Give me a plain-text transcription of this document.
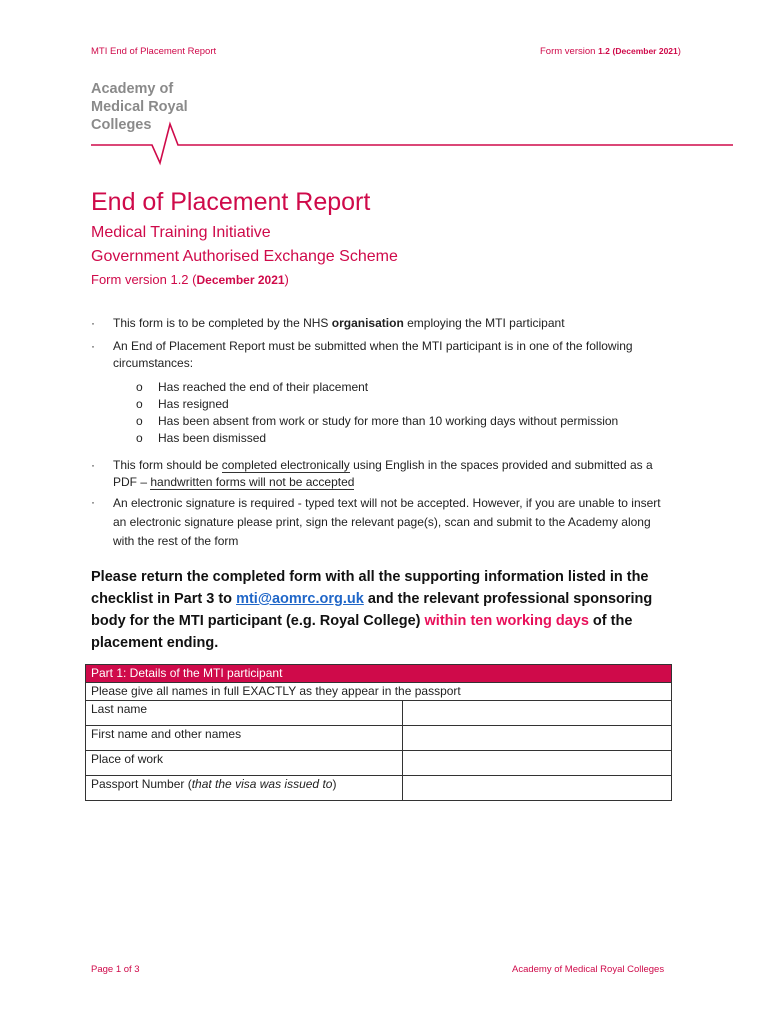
MTI End of Placement Report	Form version 1.2 (December 2021)
Academy of
Medical Royal
Colleges
End of Placement Report
Medical Training Initiative
Government Authorised Exchange Scheme
Form version 1.2 (December 2021)
· This form is to be completed by the NHS organisation employing the MTI participant
· An End of Placement Report must be submitted when the MTI participant is in one of the following circumstances:
o Has reached the end of their placement
o Has resigned
o Has been absent from work or study for more than 10 working days without permission
o Has been dismissed
· This form should be completed electronically using English in the spaces provided and submitted as a PDF – handwritten forms will not be accepted
· An electronic signature is required - typed text will not be accepted. However, if you are unable to insert an electronic signature please print, sign the relevant page(s), scan and submit to the Academy along with the rest of the form
Please return the completed form with all the supporting information listed in the checklist in Part 3 to mti@aomrc.org.uk and the relevant professional sponsoring body for the MTI participant (e.g. Royal College) within ten working days of the placement ending.
Part 1: Details of the MTI participant	
Please give all names in full EXACTLY as they appear in the passport	
Last name	
First name and other names	
Place of work	
Passport Number (that the visa was issued to)	
Page 1 of 3	Academy of Medical Royal Colleges
